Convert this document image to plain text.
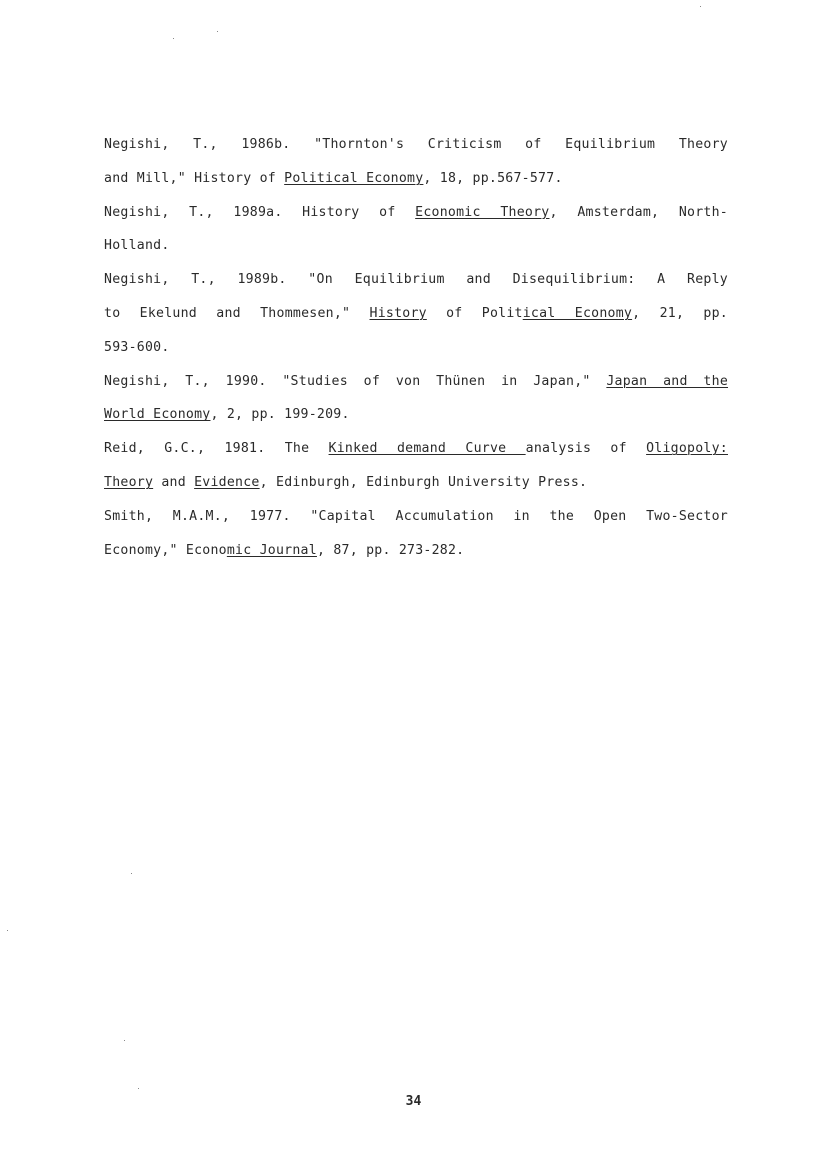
Negishi, T., 1986b. "Thornton's Criticism of Equilibrium Theory
and Mill," History of Political Economy, 18, pp.567-577.
Negishi, T., 1989a. History of Economic Theory, Amsterdam, North-
Holland.
Negishi, T., 1989b. "On Equilibrium and Disequilibrium: A Reply
to Ekelund and Thommesen," History of Political Economy, 21, pp.
593-600.
Negishi, T., 1990. "Studies of von Thünen in Japan," Japan and the
World Economy, 2, pp. 199-209.
Reid, G.C., 1981. The Kinked demand Curve analysis of Oligopoly:
Theory and Evidence, Edinburgh, Edinburgh University Press.
Smith, M.A.M., 1977. "Capital Accumulation in the Open Two-Sector
Economy," Economic Journal, 87, pp. 273-282.
34
